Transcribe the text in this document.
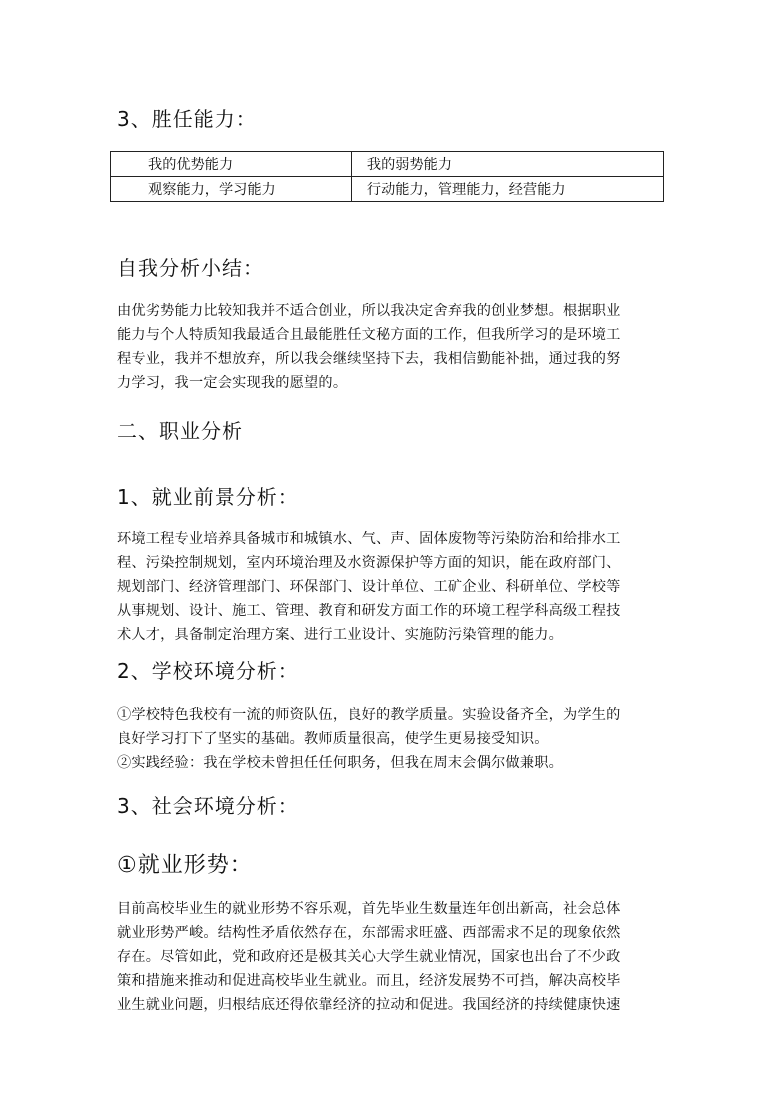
3、胜任能力：
我的优势能力	我的弱势能力
观察能力，学习能力	行动能力，管理能力，经营能力
自我分析小结：
由优劣势能力比较知我并不适合创业，所以我决定舍弃我的创业梦想。根据职业
能力与个人特质知我最适合且最能胜任文秘方面的工作，但我所学习的是环境工
程专业，我并不想放弃，所以我会继续坚持下去，我相信勤能补拙，通过我的努
力学习，我一定会实现我的愿望的。
二、职业分析
1、就业前景分析：
环境工程专业培养具备城市和城镇水、气、声、固体废物等污染防治和给排水工
程、污染控制规划，室内环境治理及水资源保护等方面的知识，能在政府部门、
规划部门、经济管理部门、环保部门、设计单位、工矿企业、科研单位、学校等
从事规划、设计、施工、管理、教育和研发方面工作的环境工程学科高级工程技
术人才，具备制定治理方案、进行工业设计、实施防污染管理的能力。
2、学校环境分析：
①学校特色我校有一流的师资队伍，良好的教学质量。实验设备齐全，为学生的
良好学习打下了坚实的基础。教师质量很高，使学生更易接受知识。
②实践经验：我在学校未曾担任任何职务，但我在周末会偶尔做兼职。
3、社会环境分析：
①就业形势：
目前高校毕业生的就业形势不容乐观，首先毕业生数量连年创出新高，社会总体
就业形势严峻。结构性矛盾依然存在，东部需求旺盛、西部需求不足的现象依然
存在。尽管如此，党和政府还是极其关心大学生就业情况，国家也出台了不少政
策和措施来推动和促进高校毕业生就业。而且，经济发展势不可挡，解决高校毕
业生就业问题，归根结底还得依靠经济的拉动和促进。我国经济的持续健康快速
